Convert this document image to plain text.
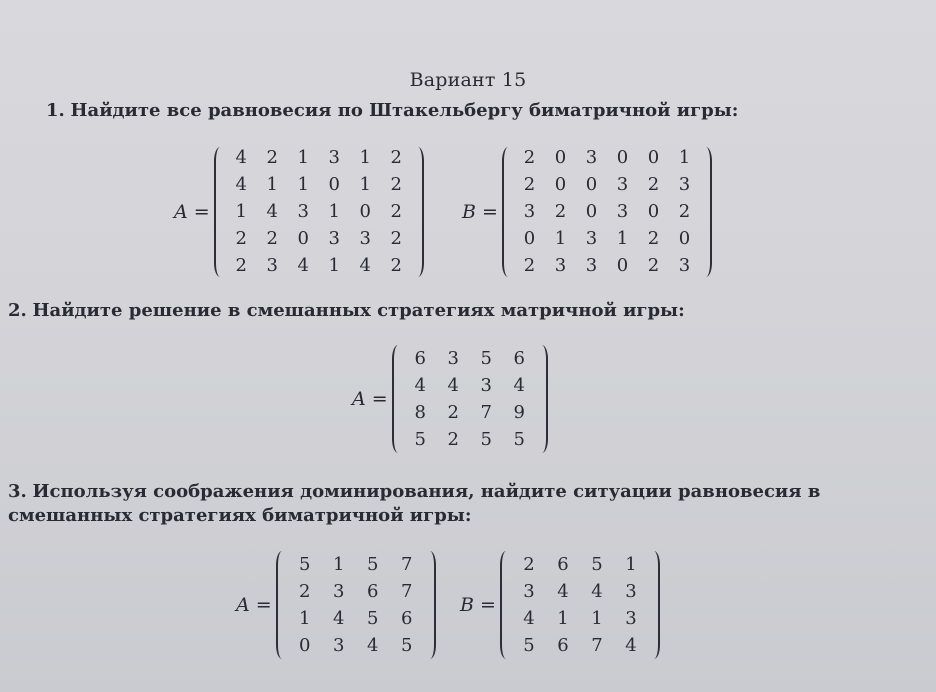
Вариант 15
1. Найдите все равновесия по Штакельбергу биматричной игры:
A =
4	2	1	3	1	2
4	1	1	0	1	2
1	4	3	1	0	2
2	2	0	3	3	2
2	3	4	1	4	2
B =
2	0	3	0	0	1
2	0	0	3	2	3
3	2	0	3	0	2
0	1	3	1	2	0
2	3	3	0	2	3
2. Найдите решение в смешанных стратегиях матричной игры:
A =
6	3	5	6
4	4	3	4
8	2	7	9
5	2	5	5
3. Используя соображения доминирования, найдите ситуации равновесия в смешанных стратегиях биматричной игры:
A =
5	1	5	7
2	3	6	7
1	4	5	6
0	3	4	5
B =
2	6	5	1
3	4	4	3
4	1	1	3
5	6	7	4
